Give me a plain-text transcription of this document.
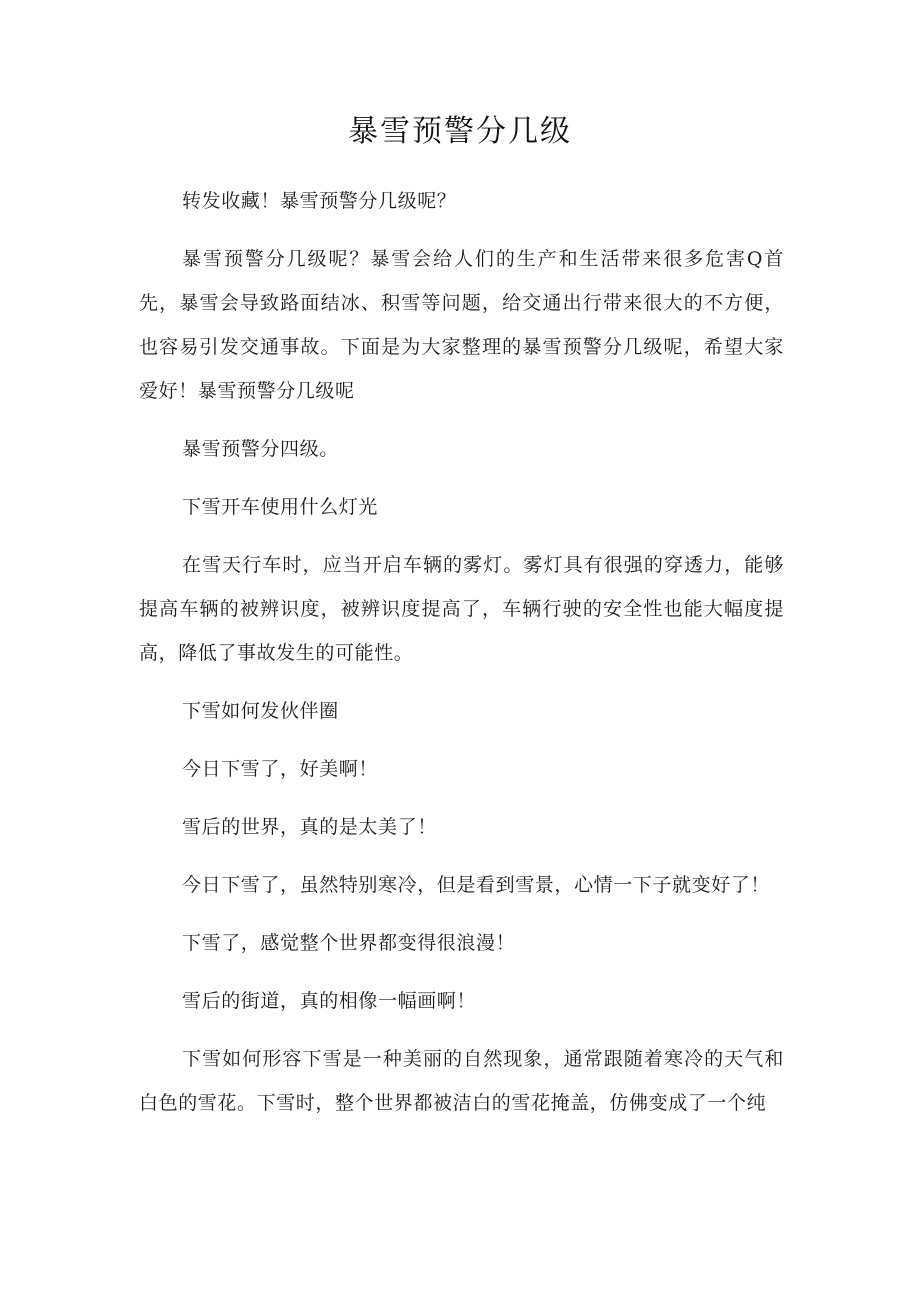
暴雪预警分几级

转发收藏！暴雪预警分几级呢？

暴雪预警分几级呢？暴雪会给人们的生产和生活带来很多危害Q首先，暴雪会导致路面结冰、积雪等问题，给交通出行带来很大的不方便，也容易引发交通事故。下面是为大家整理的暴雪预警分几级呢，希望大家爱好！暴雪预警分几级呢

暴雪预警分四级。

下雪开车使用什么灯光

在雪天行车时，应当开启车辆的雾灯。雾灯具有很强的穿透力，能够提高车辆的被辨识度，被辨识度提高了，车辆行驶的安全性也能大幅度提高，降低了事故发生的可能性。

下雪如何发伙伴圈

今日下雪了，好美啊！

雪后的世界，真的是太美了！

今日下雪了，虽然特别寒冷，但是看到雪景，心情一下子就变好了！

下雪了，感觉整个世界都变得很浪漫！

雪后的街道，真的相像一幅画啊！

下雪如何形容下雪是一种美丽的自然现象，通常跟随着寒冷的天气和白色的雪花。下雪时，整个世界都被洁白的雪花掩盖，仿佛变成了一个纯
